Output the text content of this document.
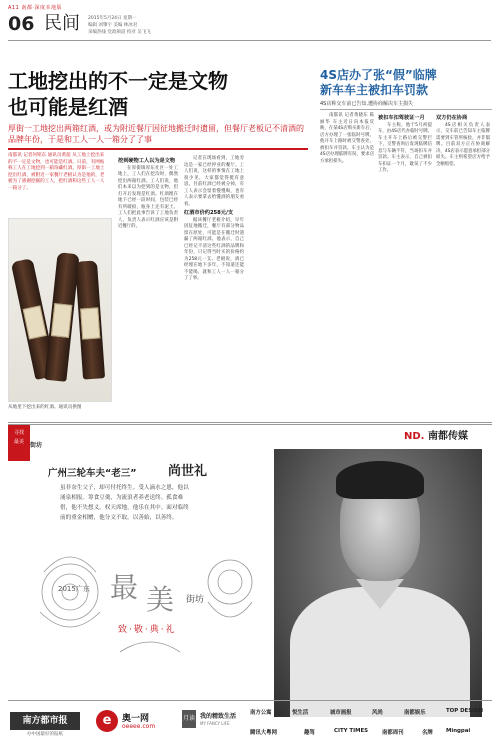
A11 南都·深度本地版
06 民间 2015年5月24日 星期一
编辑 刘肇宇 美编 林冰君
采编热线 党政频道 校对 吴飞飞
工地挖出的不一定是文物
也可能是红酒
厚街一工地挖出两箱红酒，或为附近餐厅因征地搬迁时遗留，但餐厅老板记不清酒的品牌年份，于是和工人一人一箱分了了事
南都讯 记者何铭东 通讯员黄超 从工地上挖出来的不一定是文物，也可能是红酒。日前，有网帖称工人在工地挖到一箱珍藏红酒。厚街一工地上挖出红酒，被附近一家餐厅老板认为是他的，老板为了感谢挖掘的工人，把红酒和这些工人一人一箱分了。
从地里下挖出来的红酒。通讯员供图
挖到硬物工人以为是文物

在厚街镇厚东社区一处工地上，工人们在挖沟时，偶然挖出两箱红酒。工人们说，他们本来以为挖到的是文物，但打开后发现是红酒。红酒埋在地下已经一段时间，包装已经有所破损，瓶身上还有泥土。工人们把此事告诉了工地负责人，负责人表示红酒应该是附近餐厅的。

记者在现场看到，工地旁边是一家已经停业的餐厅。工人们说，这样的事情在工地上很少见，大家都觉得挺有意思。目前红酒已经被分掉，有工人表示会留着慢慢喝，也有人表示要拿去给懂酒的朋友看看。

红酒市价约258元/支

据该餐厅老板介绍，早年因征地搬迁，餐厅有部分物品留在原处，可能是在搬迁时遗漏了两箱红酒。他表示，自己已经记不清这些红酒的品牌和年份，只记得当时买的价格约为258元一支。老板说，酒已经埋在地下多年，不知道还能不能喝，就和工人一人一箱分了了事。

4S店办了张“假”临牌
新车车主被扣车罚款
4S店称交车前已告知,遭协商解决车主损失

南都讯 记者黄晓东 陈丽华 车主近日向本报反映，在某4S店购买新车后，店方办理了一张临时号牌，他开车上路时被交警查处，被扣车并罚款。车主认为是4S店办理临牌有误，要求店方承担损失。

被扣车扣驾驶证一月

车主称，他于5月初提车，由4S店代办临时号牌。车主开车上路后被交警拦下，交警查询后发现临牌信息与车辆不符，当场扣车并罚款。车主表示，自己被扣车扣证一个月，耽误了不少工作。

双方仍在协商

4S店相关负责人表示，交车前已告知车主临牌需要到车管所核验，并非假牌。目前双方正在协商解决，4S店表示愿意承担部分损失。车主则希望店方给予全额赔偿。

寻找
最美	街坊
ND. 南都传媒
广州三轮车夫“老三” 尚世礼
虽非奈生父子，却可付托终生。受人滴水之恩，他以涌泉相报。筹食豆羹，为流浪者养老送终。孤食难借，他不失想义。权天席地，他乐在其中。面对临终前的重金相赠，他分文不取。以善始，以善终。
2015广东 最 美 街坊
致·敬·典·礼
南方都市报
办中国最好的报纸
e	奥一网
oeeee.com
月读 我的精致生活
MY FANCY LIFE
南方公寓	悦生活	城市画报	风尚	南都娱乐	TOP DESIGN
腾讯大粤网	趣驾	CITY TIMES	南都周刊	名牌 Mingpai
